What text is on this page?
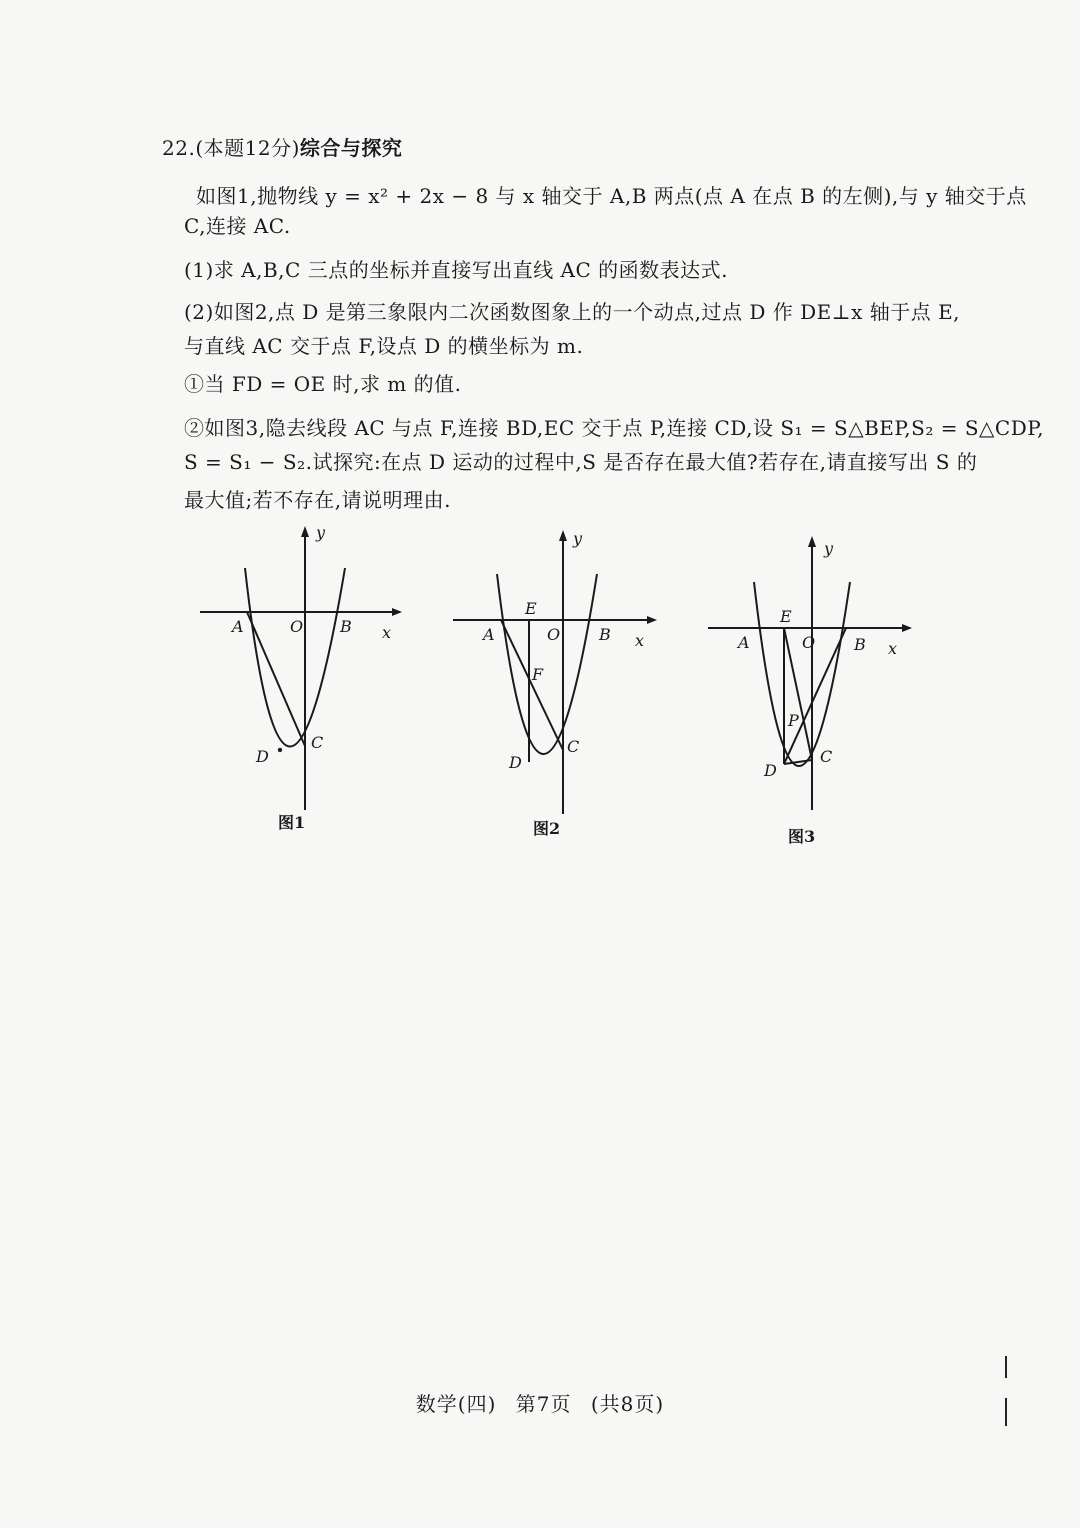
22.(本题12分)综合与探究
如图1,抛物线 y = x² + 2x − 8 与 x 轴交于 A,B 两点(点 A 在点 B 的左侧),与 y 轴交于点
C,连接 AC.
(1)求 A,B,C 三点的坐标并直接写出直线 AC 的函数表达式.
(2)如图2,点 D 是第三象限内二次函数图象上的一个动点,过点 D 作 DE⊥x 轴于点 E,
与直线 AC 交于点 F,设点 D 的横坐标为 m.
①当 FD = OE 时,求 m 的值.
②如图3,隐去线段 AC 与点 F,连接 BD,EC 交于点 P,连接 CD,设 S₁ = S△BEP,S₂ = S△CDP,
S = S₁ − S₂.试探究:在点 D 运动的过程中,S 是否存在最大值?若存在,请直接写出 S 的
最大值;若不存在,请说明理由.
y
x
A	O B
C
D
图1
E
y
x
A	O B
F
C
D
图2
E
y
x
A	O B
P
C
D
图3
数学(四) 第7页 (共8页)
